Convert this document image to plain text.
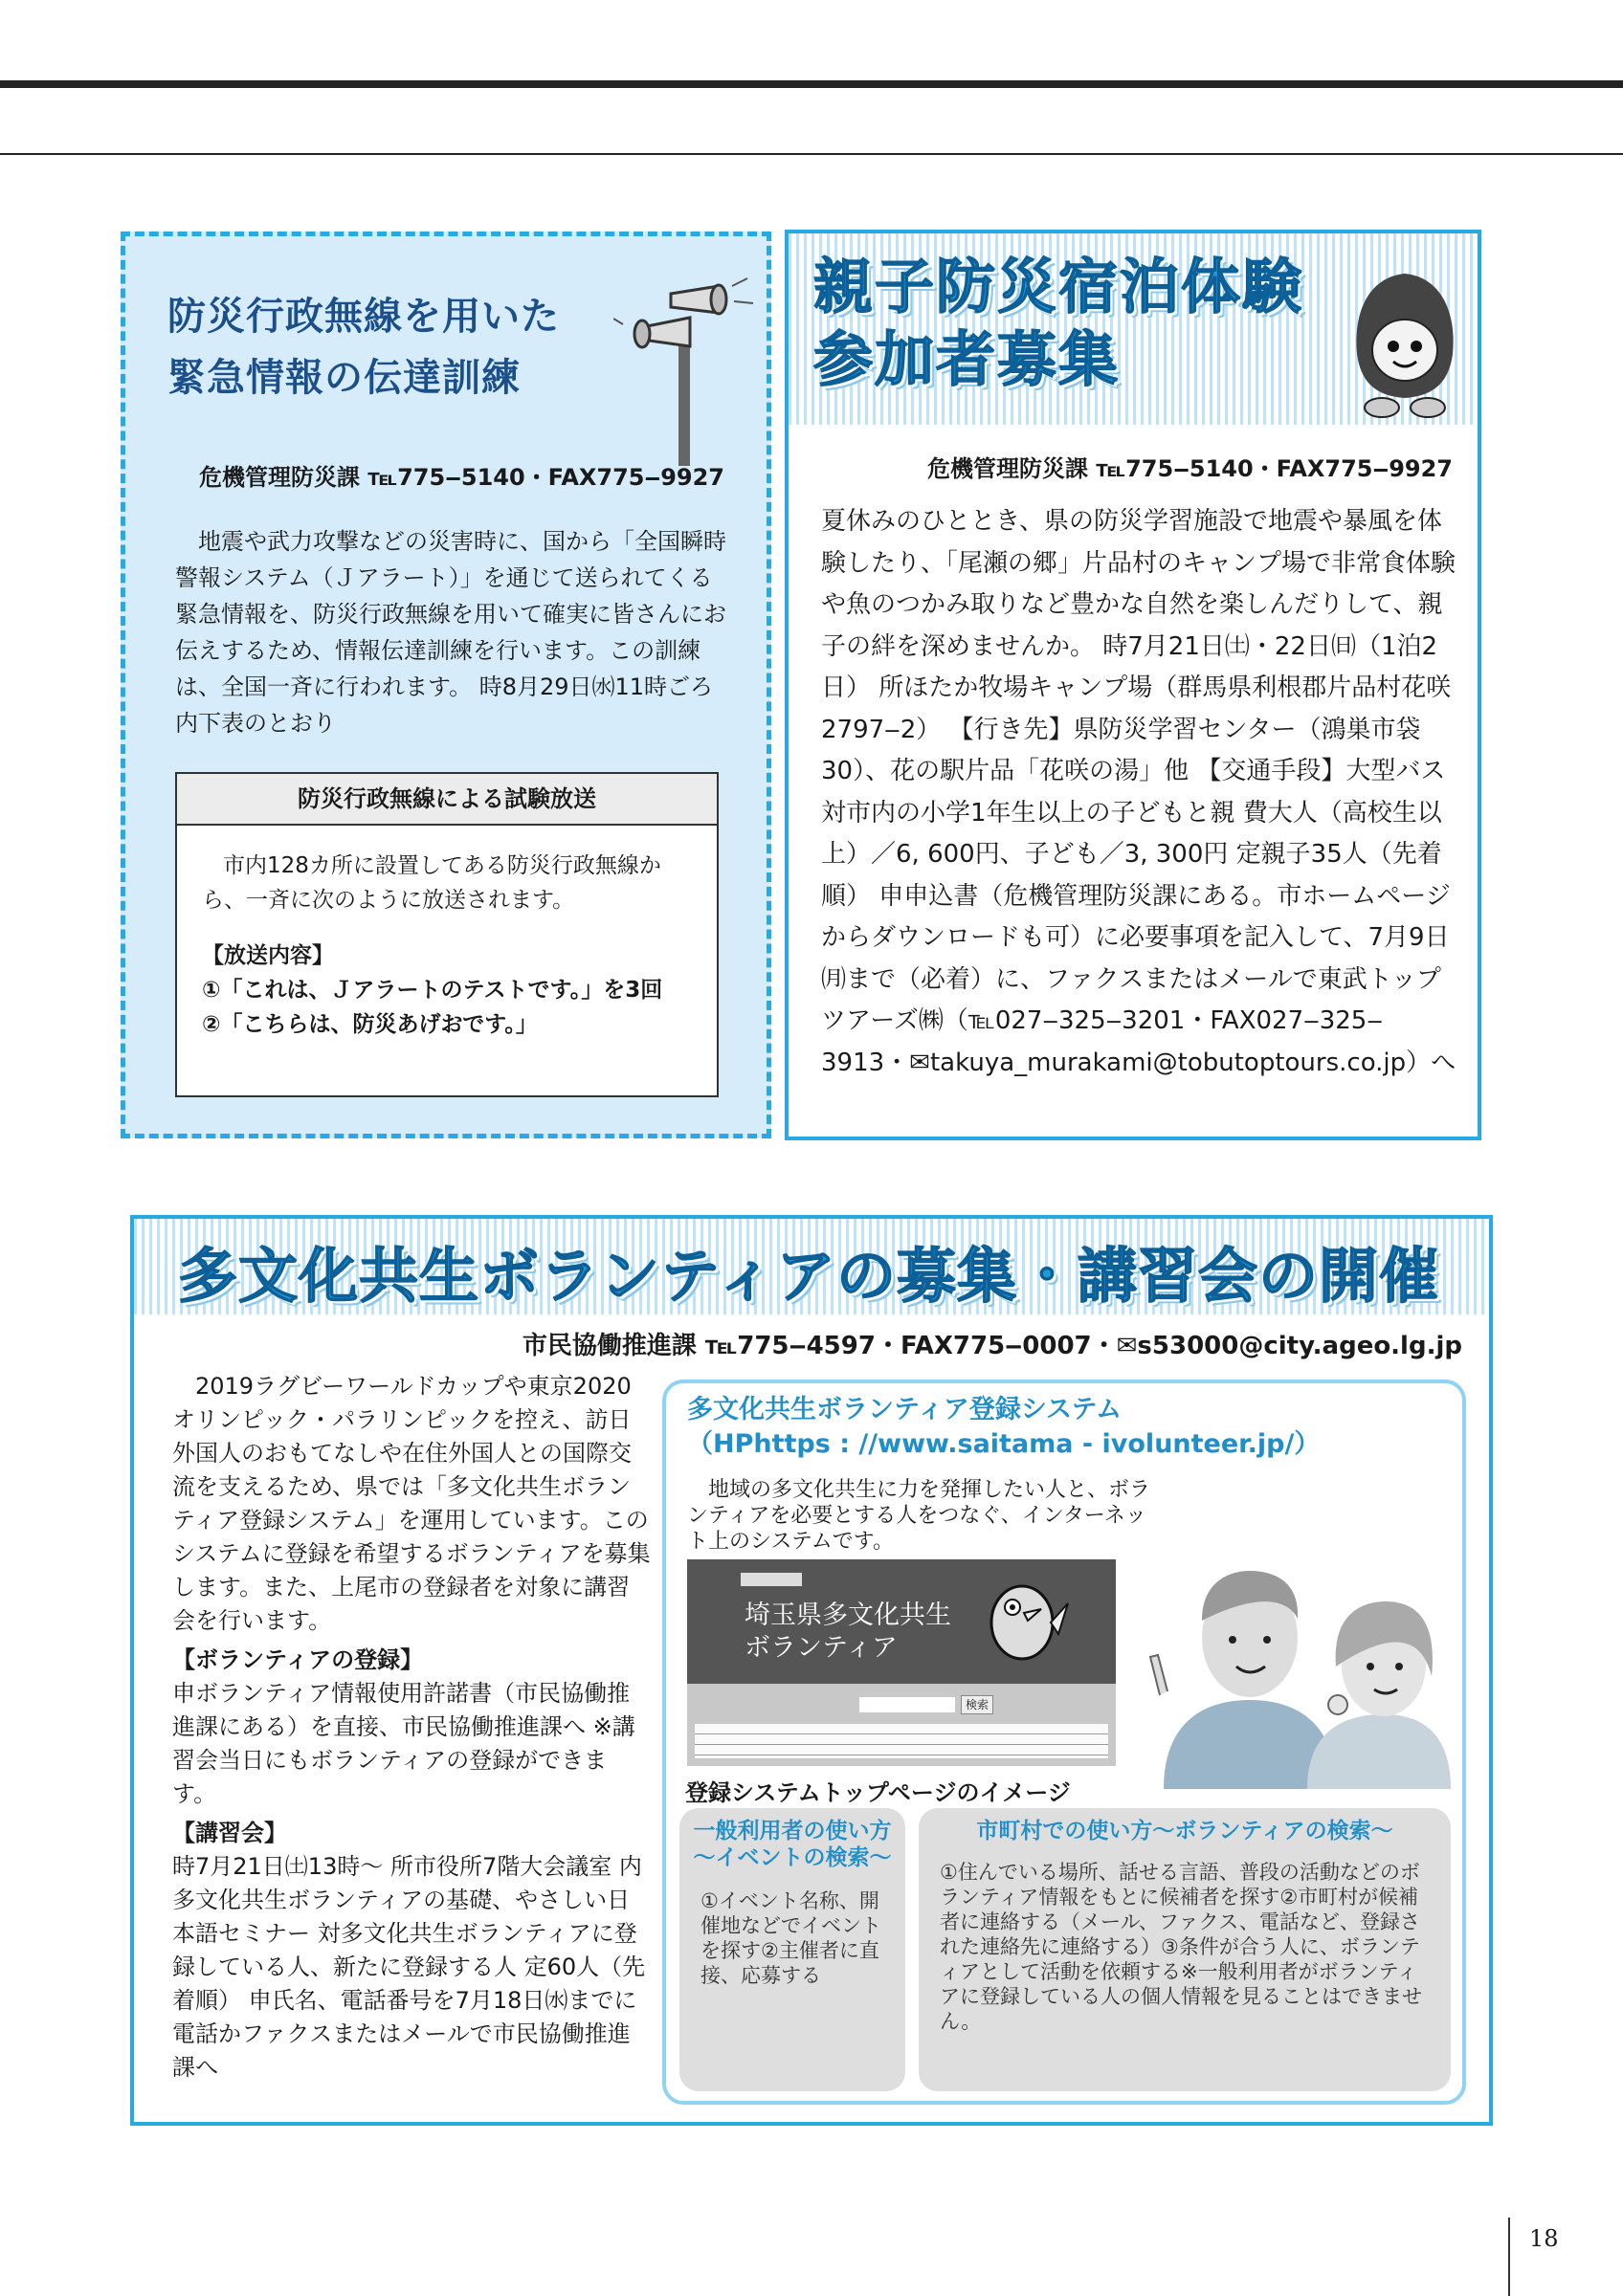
防災行政無線を用いた
緊急情報の伝達訓練
危機管理防災課 ℡775‒5140・FAX775‒9927
地震や武力攻撃などの災害時に、国から「全国瞬時警報システム（Ｊアラート）」を通じて送られてくる緊急情報を、防災行政無線を用いて確実に皆さんにお伝えするため、情報伝達訓練を行います。この訓練は、全国一斉に行われます。 時8月29日㈬11時ごろ 内下表のとおり
防災行政無線による試験放送
市内128カ所に設置してある防災行政無線から、一斉に次のように放送されます。
【放送内容】
①「これは、Ｊアラートのテストです。」を3回
②「こちらは、防災あげおです。」
親子防災宿泊体験
参加者募集
危機管理防災課 ℡775‒5140・FAX775‒9927
夏休みのひととき、県の防災学習施設で地震や暴風を体験したり、「尾瀬の郷」片品村のキャンプ場で非常食体験や魚のつかみ取りなど豊かな自然を楽しんだりして、親子の絆を深めませんか。 時7月21日㈯・22日㈰（1泊2日） 所ほたか牧場キャンプ場（群馬県利根郡片品村花咲2797‒2） 【行き先】県防災学習センター（鴻巣市袋30）、花の駅片品「花咲の湯」他 【交通手段】大型バス 対市内の小学1年生以上の子どもと親 費大人（高校生以上）／6, 600円、子ども／3, 300円 定親子35人（先着順） 申申込書（危機管理防災課にある。市ホームページからダウンロードも可）に必要事項を記入して、7月9日㈪まで（必着）に、ファクスまたはメールで東武トップツアーズ㈱（℡027‒325‒3201・FAX027‒325‒3913・✉takuya_murakami@tobutoptours.co.jp）へ
多文化共生ボランティアの募集・講習会の開催
市民協働推進課 ℡775‒4597・FAX775‒0007・✉s53000@city.ageo.lg.jp
2019ラグビーワールドカップや東京2020オリンピック・パラリンピックを控え、訪日外国人のおもてなしや在住外国人との国際交流を支えるため、県では「多文化共生ボランティア登録システム」を運用しています。このシステムに登録を希望するボランティアを募集します。また、上尾市の登録者を対象に講習会を行います。
【ボランティアの登録】
申ボランティア情報使用許諾書（市民協働推進課にある）を直接、市民協働推進課へ ※講習会当日にもボランティアの登録ができます。
【講習会】
時7月21日㈯13時～ 所市役所7階大会議室 内多文化共生ボランティアの基礎、やさしい日本語セミナー 対多文化共生ボランティアに登録している人、新たに登録する人 定60人（先着順） 申氏名、電話番号を7月18日㈬までに電話かファクスまたはメールで市民協働推進課へ
多文化共生ボランティア登録システム
（HPhttps : //www.saitama - ivolunteer.jp/）
地域の多文化共生に力を発揮したい人と、ボランティアを必要とする人をつなぐ、インターネット上のシステムです。
埼玉県多文化共生
ボランティア
検索
登録システムトップページのイメージ
一般利用者の使い方～イベントの検索～
①イベント名称、開催地などでイベントを探す②主催者に直接、応募する
市町村での使い方～ボランティアの検索～
①住んでいる場所、話せる言語、普段の活動などのボランティア情報をもとに候補者を探す②市町村が候補者に連絡する（メール、ファクス、電話など、登録された連絡先に連絡する）③条件が合う人に、ボランティアとして活動を依頼する※一般利用者がボランティアに登録している人の個人情報を見ることはできません。
18
